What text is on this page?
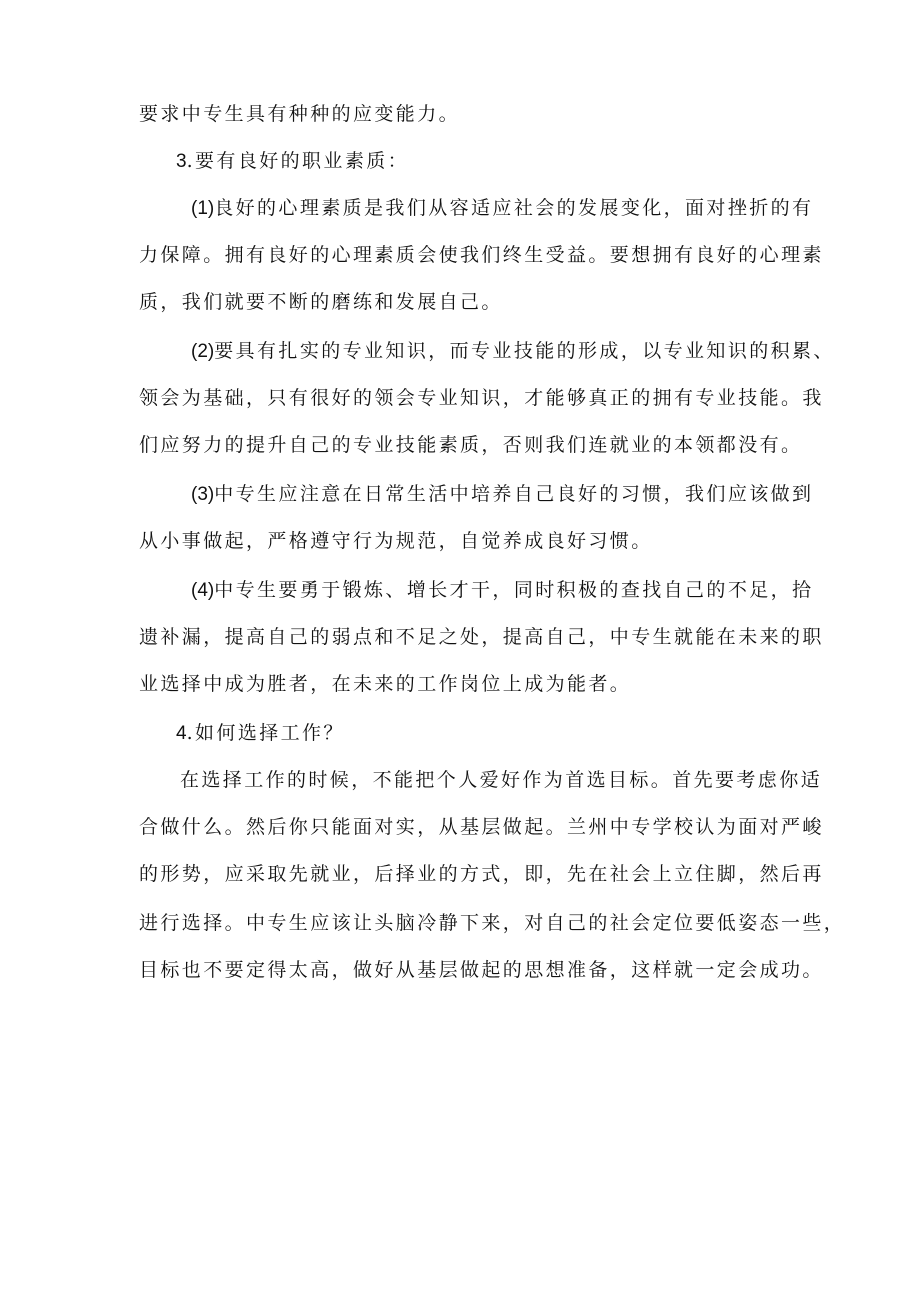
要求中专生具有种种的应变能力。
3.要有良好的职业素质：
(1)良好的心理素质是我们从容适应社会的发展变化，面对挫折的有
力保障。拥有良好的心理素质会使我们终生受益。要想拥有良好的心理素
质，我们就要不断的磨练和发展自己。
(2)要具有扎实的专业知识，而专业技能的形成，以专业知识的积累、
领会为基础，只有很好的领会专业知识，才能够真正的拥有专业技能。我
们应努力的提升自己的专业技能素质，否则我们连就业的本领都没有。
(3)中专生应注意在日常生活中培养自己良好的习惯，我们应该做到
从小事做起，严格遵守行为规范，自觉养成良好习惯。
(4)中专生要勇于锻炼、增长才干，同时积极的查找自己的不足，拾
遗补漏，提高自己的弱点和不足之处，提高自己，中专生就能在未来的职
业选择中成为胜者，在未来的工作岗位上成为能者。
4.如何选择工作？
在选择工作的时候，不能把个人爱好作为首选目标。首先要考虑你适
合做什么。然后你只能面对实，从基层做起。兰州中专学校认为面对严峻
的形势，应采取先就业，后择业的方式，即，先在社会上立住脚，然后再
进行选择。中专生应该让头脑冷静下来，对自己的社会定位要低姿态一些，
目标也不要定得太高，做好从基层做起的思想准备，这样就一定会成功。
